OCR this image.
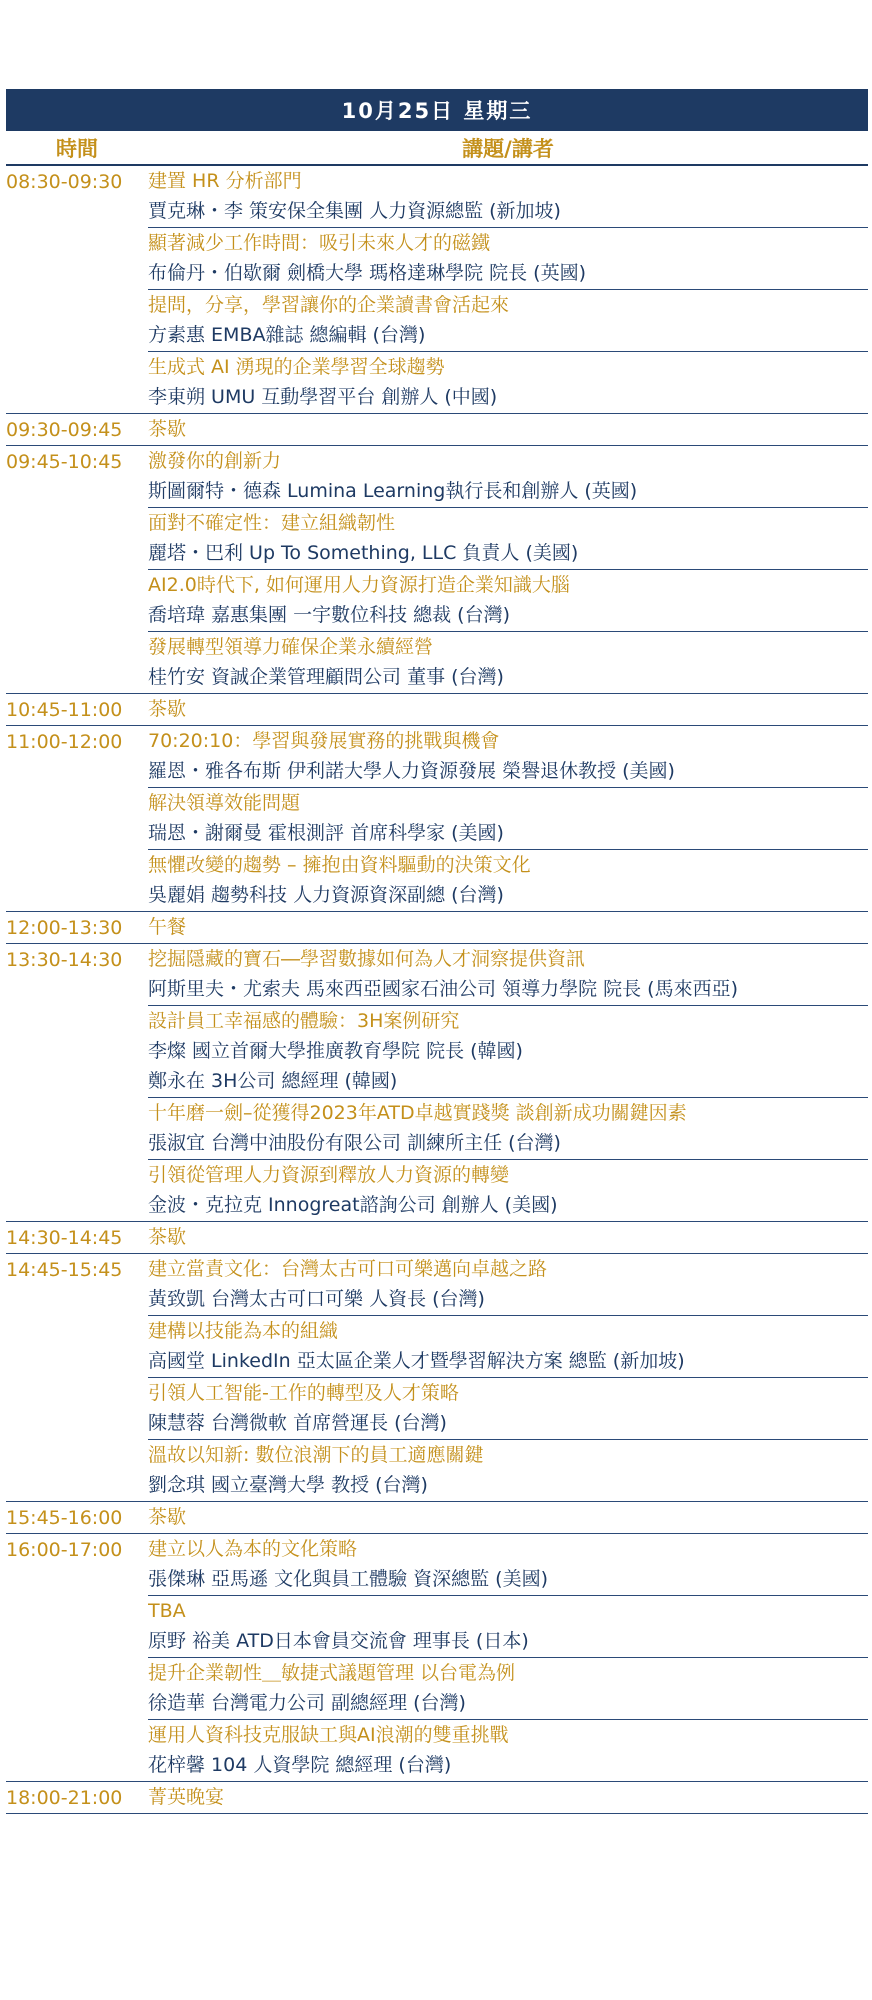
10月25日 星期三
時間	講題/講者
08:30-09:30	建置 HR 分析部門
賈克琳・李 策安保全集團 人力資源總監 (新加坡)
顯著減少工作時間：吸引未來人才的磁鐵
布倫丹・伯歇爾 劍橋大學 瑪格達琳學院 院長 (英國)
提問，分享，學習讓你的企業讀書會活起來
方素惠 EMBA雜誌 總編輯 (台灣)
生成式 AI 湧現的企業學習全球趨勢
李東朔 UMU 互動學習平台 創辦人 (中國)
09:30-09:45	茶歇
09:45-10:45	激發你的創新力
斯圖爾特・德森 Lumina Learning執行長和創辦人 (英國)
面對不確定性：建立組織韌性
麗塔・巴利 Up To Something, LLC 負責人 (美國)
AI2.0時代下, 如何運用人力資源打造企業知識大腦
喬培瑋 嘉惠集團 一宇數位科技 總裁 (台灣)
發展轉型領導力確保企業永續經營
桂竹安 資誠企業管理顧問公司 董事 (台灣)
10:45-11:00	茶歇
11:00-12:00	70:20:10：學習與發展實務的挑戰與機會
羅恩・雅各布斯 伊利諾大學人力資源發展 榮譽退休教授 (美國)
解決領導效能問題
瑞恩・謝爾曼 霍根測評 首席科學家 (美國)
無懼改變的趨勢 – 擁抱由資料驅動的決策文化
吳麗娟 趨勢科技 人力資源資深副總 (台灣)
12:00-13:30	午餐
13:30-14:30	挖掘隱藏的寶石―學習數據如何為人才洞察提供資訊
阿斯里夫・尤索夫 馬來西亞國家石油公司 領導力學院 院長 (馬來西亞)
設計員工幸福感的體驗：3H案例研究
李燦 國立首爾大學推廣教育學院 院長 (韓國)
鄭永在 3H公司 總經理 (韓國)
十年磨一劍–從獲得2023年ATD卓越實踐獎 談創新成功關鍵因素
張淑宜 台灣中油股份有限公司 訓練所主任 (台灣)
引領從管理人力資源到釋放人力資源的轉變
金波・克拉克 Innogreat諮詢公司 創辦人 (美國)
14:30-14:45	茶歇
14:45-15:45	建立當責文化：台灣太古可口可樂邁向卓越之路
黃致凱 台灣太古可口可樂 人資長 (台灣)
建構以技能為本的組織
高國堂 LinkedIn 亞太區企業人才暨學習解決方案 總監 (新加坡)
引領人工智能-工作的轉型及人才策略
陳慧蓉 台灣微軟 首席營運長 (台灣)
溫故以知新: 數位浪潮下的員工適應關鍵
劉念琪 國立臺灣大學 教授 (台灣)
15:45-16:00	茶歇
16:00-17:00	建立以人為本的文化策略
張傑琳 亞馬遜 文化與員工體驗 資深總監 (美國)
TBA
原野 裕美 ATD日本會員交流會 理事長 (日本)
提升企業韌性＿敏捷式議題管理 以台電為例
徐造華 台灣電力公司 副總經理 (台灣)
運用人資科技克服缺工與AI浪潮的雙重挑戰
花梓馨 104 人資學院 總經理 (台灣)
18:00-21:00	菁英晚宴
